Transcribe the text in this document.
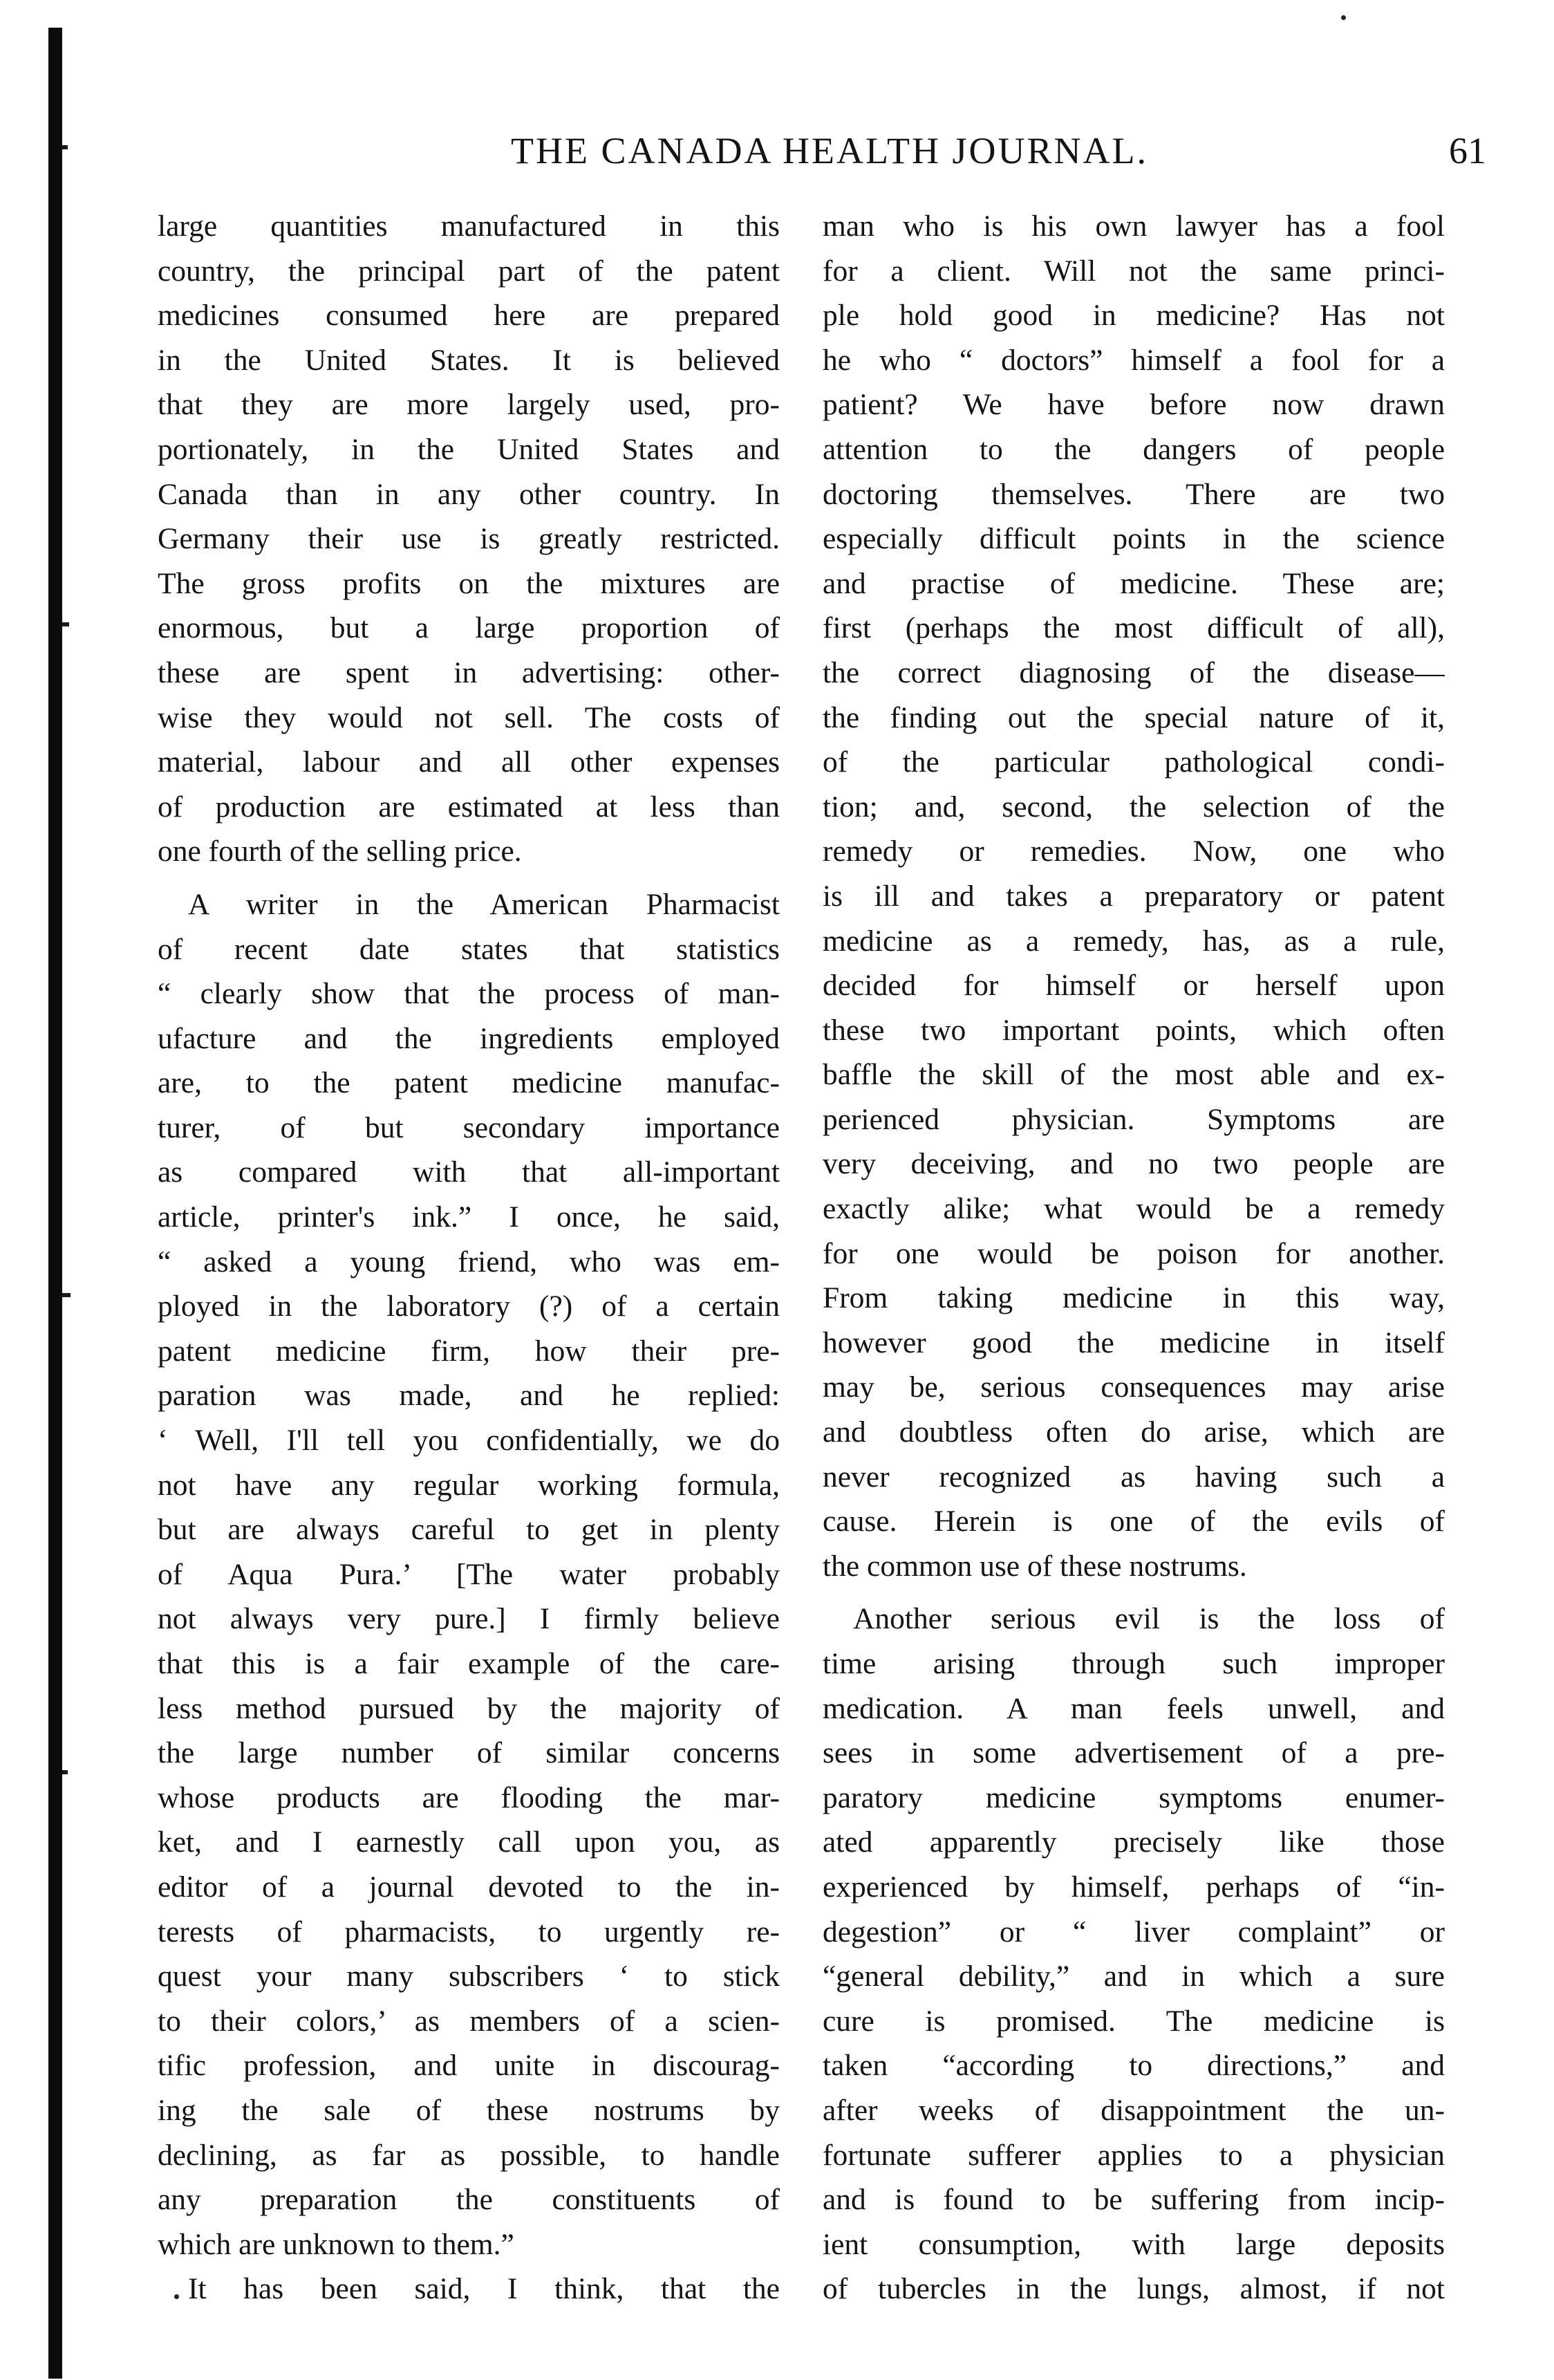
THE CANADA HEALTH JOURNAL.	61
large quantities manufactured in this
country, the principal part of the patent
medicines consumed here are prepared
in the United States. It is believed
that they are more largely used, pro-
portionately, in the United States and
Canada than in any other country. In
Germany their use is greatly restricted.
The gross profits on the mixtures are
enormous, but a large proportion of
these are spent in advertising: other-
wise they would not sell. The costs of
material, labour and all other expenses
of production are estimated at less than
one fourth of the selling price.
A writer in the American Pharmacist
of recent date states that statistics
“ clearly show that the process of man-
ufacture and the ingredients employed
are, to the patent medicine manufac-
turer, of but secondary importance
as compared with that all-important
article, printer's ink.” I once, he said,
“ asked a young friend, who was em-
ployed in the laboratory (?) of a certain
patent medicine firm, how their pre-
paration was made, and he replied:
‘ Well, I'll tell you confidentially, we do
not have any regular working formula,
but are always careful to get in plenty
of Aqua Pura.’ [The water probably
not always very pure.] I firmly believe
that this is a fair example of the care-
less method pursued by the majority of
the large number of similar concerns
whose products are flooding the mar-
ket, and I earnestly call upon you, as
editor of a journal devoted to the in-
terests of pharmacists, to urgently re-
quest your many subscribers ‘ to stick
to their colors,’ as members of a scien-
tific profession, and unite in discourag-
ing the sale of these nostrums by
declining, as far as possible, to handle
any preparation the constituents of
which are unknown to them.”
It has been said, I think, that the
man who is his own lawyer has a fool
for a client. Will not the same princi-
ple hold good in medicine? Has not
he who “ doctors” himself a fool for a
patient? We have before now drawn
attention to the dangers of people
doctoring themselves. There are two
especially difficult points in the science
and practise of medicine. These are;
first (perhaps the most difficult of all),
the correct diagnosing of the disease—
the finding out the special nature of it,
of the particular pathological condi-
tion; and, second, the selection of the
remedy or remedies. Now, one who
is ill and takes a preparatory or patent
medicine as a remedy, has, as a rule,
decided for himself or herself upon
these two important points, which often
baffle the skill of the most able and ex-
perienced physician. Symptoms are
very deceiving, and no two people are
exactly alike; what would be a remedy
for one would be poison for another.
From taking medicine in this way,
however good the medicine in itself
may be, serious consequences may arise
and doubtless often do arise, which are
never recognized as having such a
cause. Herein is one of the evils of
the common use of these nostrums.
Another serious evil is the loss of
time arising through such improper
medication. A man feels unwell, and
sees in some advertisement of a pre-
paratory medicine symptoms enumer-
ated apparently precisely like those
experienced by himself, perhaps of “in-
degestion” or “ liver complaint” or
“general debility,” and in which a sure
cure is promised. The medicine is
taken “according to directions,” and
after weeks of disappointment the un-
fortunate sufferer applies to a physician
and is found to be suffering from incip-
ient consumption, with large deposits
of tubercles in the lungs, almost, if not
